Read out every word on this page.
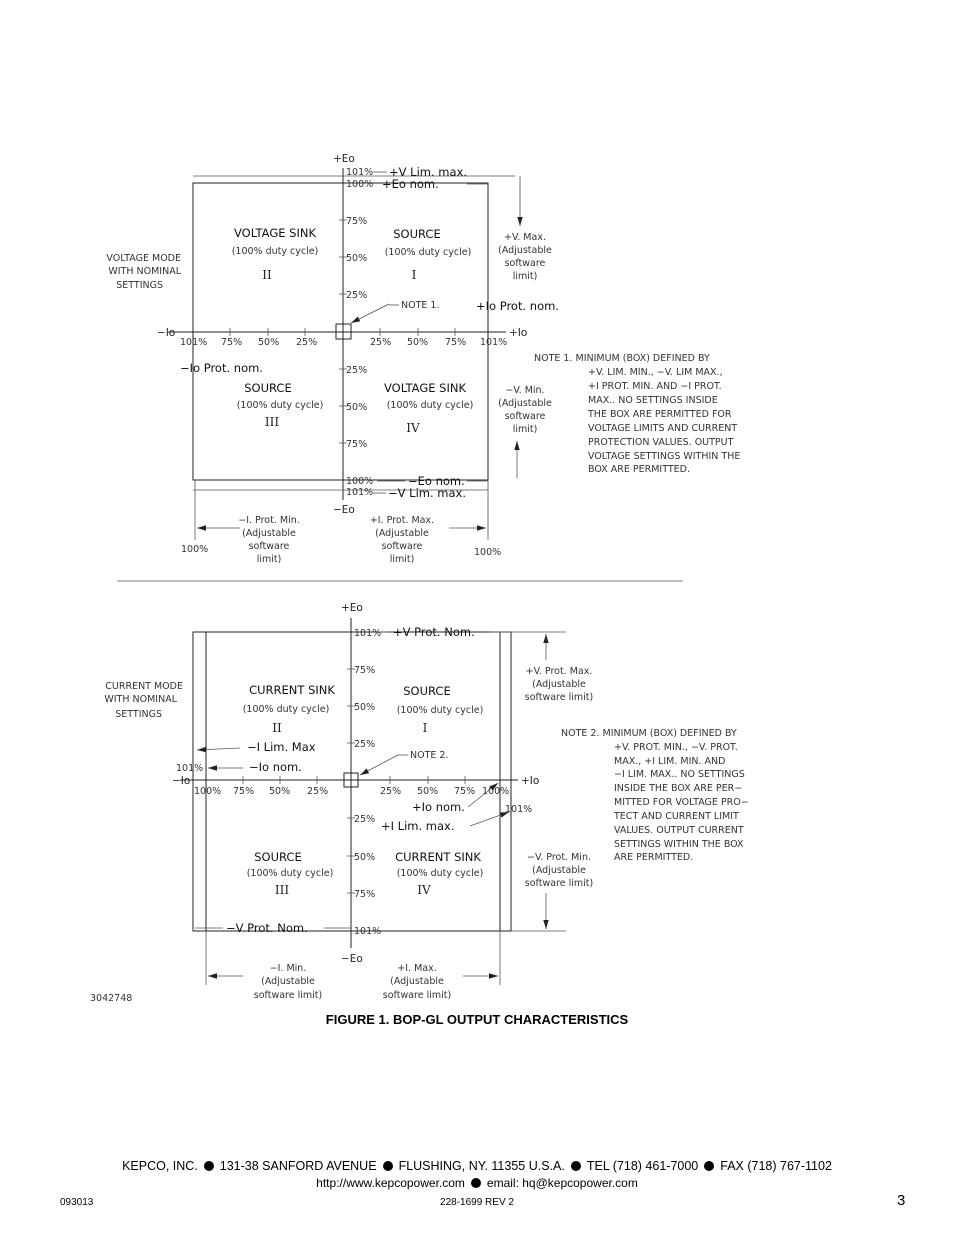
+Eo
−Eo
−Io	+Io
101%
100%
75%
50%
25%
25%
50%
75%
100%
101%
101% 75% 50% 25%	25% 50% 75% 101%
+V Lim. max.
+Eo nom.
−Eo nom.
−V Lim. max.
+Io Prot. nom.
−Io Prot. nom.
VOLTAGE MODE
WITH NOMINAL
SETTINGS
VOLTAGE SINK
(100% duty cycle)
II
SOURCE
(100% duty cycle)
I
SOURCE
(100% duty cycle)
III
VOLTAGE SINK
(100% duty cycle)
IV
NOTE 1.
+V. Max.
(Adjustable
software
limit)
−V. Min.
(Adjustable
software
limit)
−I. Prot. Min.
(Adjustable
software
limit)
+I. Prot. Max.
(Adjustable
software
limit)
100%	100%
NOTE 1. MINIMUM (BOX) DEFINED BY
+V. LIM. MIN., −V. LIM MAX.,
+I PROT. MIN. AND −I PROT.
MAX.. NO SETTINGS INSIDE
THE BOX ARE PERMITTED FOR
VOLTAGE LIMITS AND CURRENT
PROTECTION VALUES. OUTPUT
VOLTAGE SETTINGS WITHIN THE
BOX ARE PERMITTED.
+Eo
−Eo
−Io	+Io
101%
75%
50%
25%
25%
50%
75%
101%
100% 75% 50% 25%	25% 50% 75% 100%
+V Prot. Nom.
−V Prot. Nom.
−I Lim. Max
101%	−Io nom.
+Io nom.
+I Lim. max.
101%
CURRENT MODE
WITH NOMINAL
SETTINGS
CURRENT SINK
(100% duty cycle)
II
SOURCE
(100% duty cycle)
I
SOURCE
(100% duty cycle)
III
CURRENT SINK
(100% duty cycle)
IV
NOTE 2.
+V. Prot. Max.
(Adjustable
software limit)
−V. Prot. Min.
(Adjustable
software limit)
−I. Min.
(Adjustable
software limit)
+I. Max.
(Adjustable
software limit)
NOTE 2. MINIMUM (BOX) DEFINED BY
+V. PROT. MIN., −V. PROT.
MAX., +I LIM. MIN. AND
−I LIM. MAX.. NO SETTINGS
INSIDE THE BOX ARE PER−
MITTED FOR VOLTAGE PRO−
TECT AND CURRENT LIMIT
VALUES. OUTPUT CURRENT
SETTINGS WITHIN THE BOX
ARE PERMITTED.
3042748
FIGURE 1. BOP-GL OUTPUT CHARACTERISTICS
KEPCO, INC. 131-38 SANFORD AVENUE FLUSHING, NY. 11355 U.S.A. TEL (718) 461-7000 FAX (718) 767-1102
http://www.kepcopower.com email: hq@kepcopower.com
093013	228-1699 REV 2	3
